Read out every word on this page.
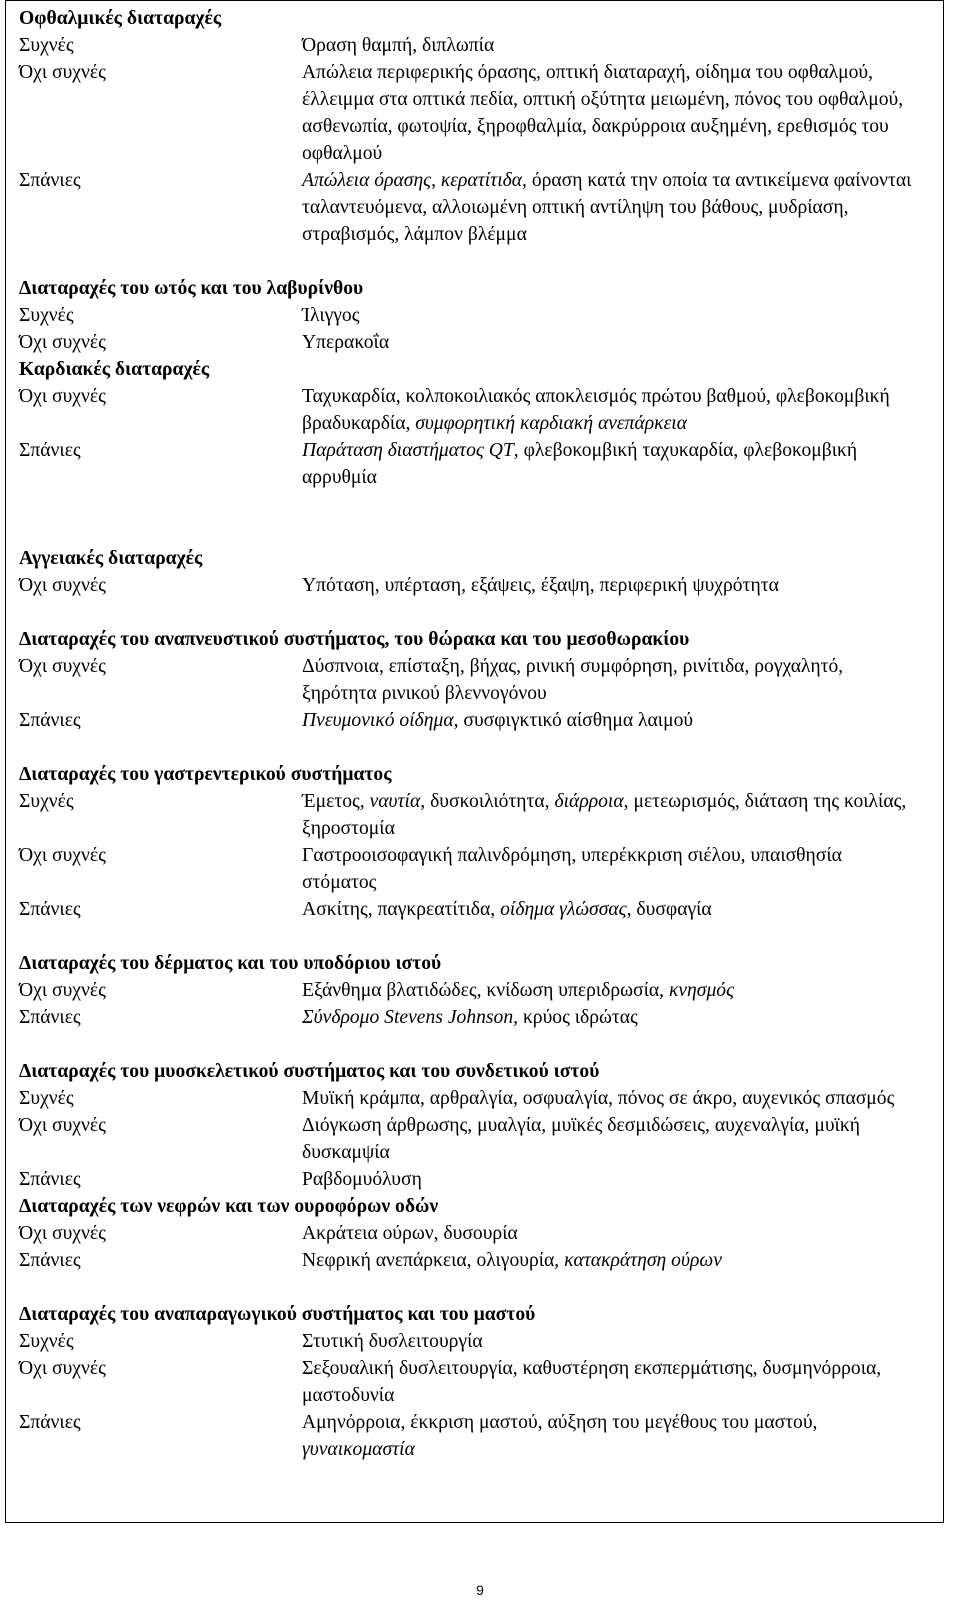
Οφθαλμικές διαταραχές
Συχνές	Όραση θαμπή, διπλωπία
Όχι συχνές	Απώλεια περιφερικής όρασης, οπτική διαταραχή, οίδημα του οφθαλμού, έλλειμμα στα οπτικά πεδία, οπτική οξύτητα μειωμένη, πόνος του οφθαλμού, ασθενωπία, φωτοψία, ξηροφθαλμία, δακρύρροια αυξημένη, ερεθισμός του οφθαλμού
Σπάνιες	Απώλεια όρασης, κερατίτιδα, όραση κατά την οποία τα αντικείμενα φαίνονται ταλαντευόμενα, αλλοιωμένη οπτική αντίληψη του βάθους, μυδρίαση, στραβισμός, λάμπον βλέμμα
Διαταραχές του ωτός και του λαβυρίνθου
Συχνές	Ίλιγγος
Όχι συχνές	Υπερακοΐα
Καρδιακές διαταραχές
Όχι συχνές	Ταχυκαρδία, κολποκοιλιακός αποκλεισμός πρώτου βαθμού, φλεβοκομβική βραδυκαρδία, συμφορητική καρδιακή ανεπάρκεια
Σπάνιες	Παράταση διαστήματος QT, φλεβοκομβική ταχυκαρδία, φλεβοκομβική αρρυθμία
Αγγειακές διαταραχές
Όχι συχνές	Υπόταση, υπέρταση, εξάψεις, έξαψη, περιφερική ψυχρότητα
Διαταραχές του αναπνευστικού συστήματος, του θώρακα και του μεσοθωρακίου
Όχι συχνές	Δύσπνοια, επίσταξη, βήχας, ρινική συμφόρηση, ρινίτιδα, ρογχαλητό, ξηρότητα ρινικού βλεννογόνου
Σπάνιες	Πνευμονικό οίδημα, συσφιγκτικό αίσθημα λαιμού
Διαταραχές του γαστρεντερικού συστήματος
Συχνές	Έμετος, ναυτία, δυσκοιλιότητα, διάρροια, μετεωρισμός, διάταση της κοιλίας, ξηροστομία
Όχι συχνές	Γαστροοισοφαγική παλινδρόμηση, υπερέκκριση σιέλου, υπαισθησία στόματος
Σπάνιες	Ασκίτης, παγκρεατίτιδα, οίδημα γλώσσας, δυσφαγία
Διαταραχές του δέρματος και του υποδόριου ιστού
Όχι συχνές	Εξάνθημα βλατιδώδες, κνίδωση υπεριδρωσία, κνησμός
Σπάνιες	Σύνδρομο Stevens Johnson, κρύος ιδρώτας
Διαταραχές του μυοσκελετικού συστήματος και του συνδετικού ιστού
Συχνές	Μυϊκή κράμπα, αρθραλγία, οσφυαλγία, πόνος σε άκρο, αυχενικός σπασμός
Όχι συχνές	Διόγκωση άρθρωσης, μυαλγία, μυϊκές δεσμιδώσεις, αυχεναλγία, μυϊκή δυσκαμψία
Σπάνιες	Ραβδομυόλυση
Διαταραχές των νεφρών και των ουροφόρων οδών
Όχι συχνές	Ακράτεια ούρων, δυσουρία
Σπάνιες	Νεφρική ανεπάρκεια, ολιγουρία, κατακράτηση ούρων
Διαταραχές του αναπαραγωγικού συστήματος και του μαστού
Συχνές	Στυτική δυσλειτουργία
Όχι συχνές	Σεξουαλική δυσλειτουργία, καθυστέρηση εκσπερμάτισης, δυσμηνόρροια, μαστοδυνία
Σπάνιες	Αμηνόρροια, έκκριση μαστού, αύξηση του μεγέθους του μαστού, γυναικομαστία
9
